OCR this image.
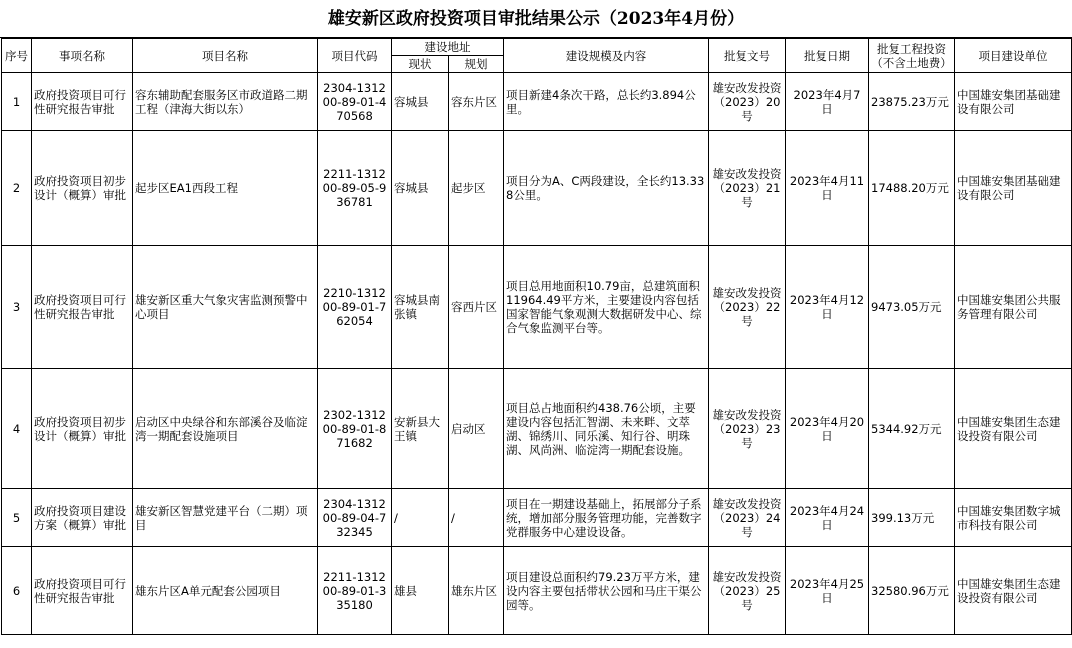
雄安新区政府投资项目审批结果公示（2023年4月份）
序号	事项名称	项目名称	项目代码	建设地址		建设规模及内容	批复文号	批复日期	批复工程投资（不含土地费）	项目建设单位
				现状	规划					
1	政府投资项目可行性研究报告审批	容东辅助配套服务区市政道路二期工程（津海大街以东）	2304-131200-89-01-470568	容城县	容东片区	项目新建4条次干路，总长约3.894公里。	雄安改发投资（2023）20号	2023年4月7日	23875.23万元	中国雄安集团基础建设有限公司
2	政府投资项目初步设计（概算）审批	起步区EA1西段工程	2211-131200-89-05-936781	容城县	起步区	项目分为A、C两段建设，全长约13.338公里。	雄安改发投资（2023）21号	2023年4月11日	17488.20万元	中国雄安集团基础建设有限公司
3	政府投资项目可行性研究报告审批	雄安新区重大气象灾害监测预警中心项目	2210-131200-89-01-762054	容城县南张镇	容西片区	项目总用地面积10.79亩，总建筑面积11964.49平方米，主要建设内容包括国家智能气象观测大数据研发中心、综合气象监测平台等。	雄安改发投资（2023）22号	2023年4月12日	9473.05万元	中国雄安集团公共服务管理有限公司
4	政府投资项目初步设计（概算）审批	启动区中央绿谷和东部溪谷及临淀湾一期配套设施项目	2302-131200-89-01-871682	安新县大王镇	启动区	项目总占地面积约438.76公顷，主要建设内容包括汇智湖、未来畔、文萃湖、锦绣川、同乐溪、知行谷、明珠湖、风尚洲、临淀湾一期配套设施。	雄安改发投资（2023）23号	2023年4月20日	5344.92万元	中国雄安集团生态建设投资有限公司
5	政府投资项目建设方案（概算）审批	雄安新区智慧党建平台（二期）项目	2304-131200-89-04-732345	/	/	项目在一期建设基础上，拓展部分子系统，增加部分服务管理功能，完善数字党群服务中心建设设备。	雄安改发投资（2023）24号	2023年4月24日	399.13万元	中国雄安集团数字城市科技有限公司
6	政府投资项目可行性研究报告审批	雄东片区A单元配套公园项目	2211-131200-89-01-335180	雄县	雄东片区	项目建设总面积约79.23万平方米，建设内容主要包括带状公园和马庄干渠公园等。	雄安改发投资（2023）25号	2023年4月25日	32580.96万元	中国雄安集团生态建设投资有限公司
